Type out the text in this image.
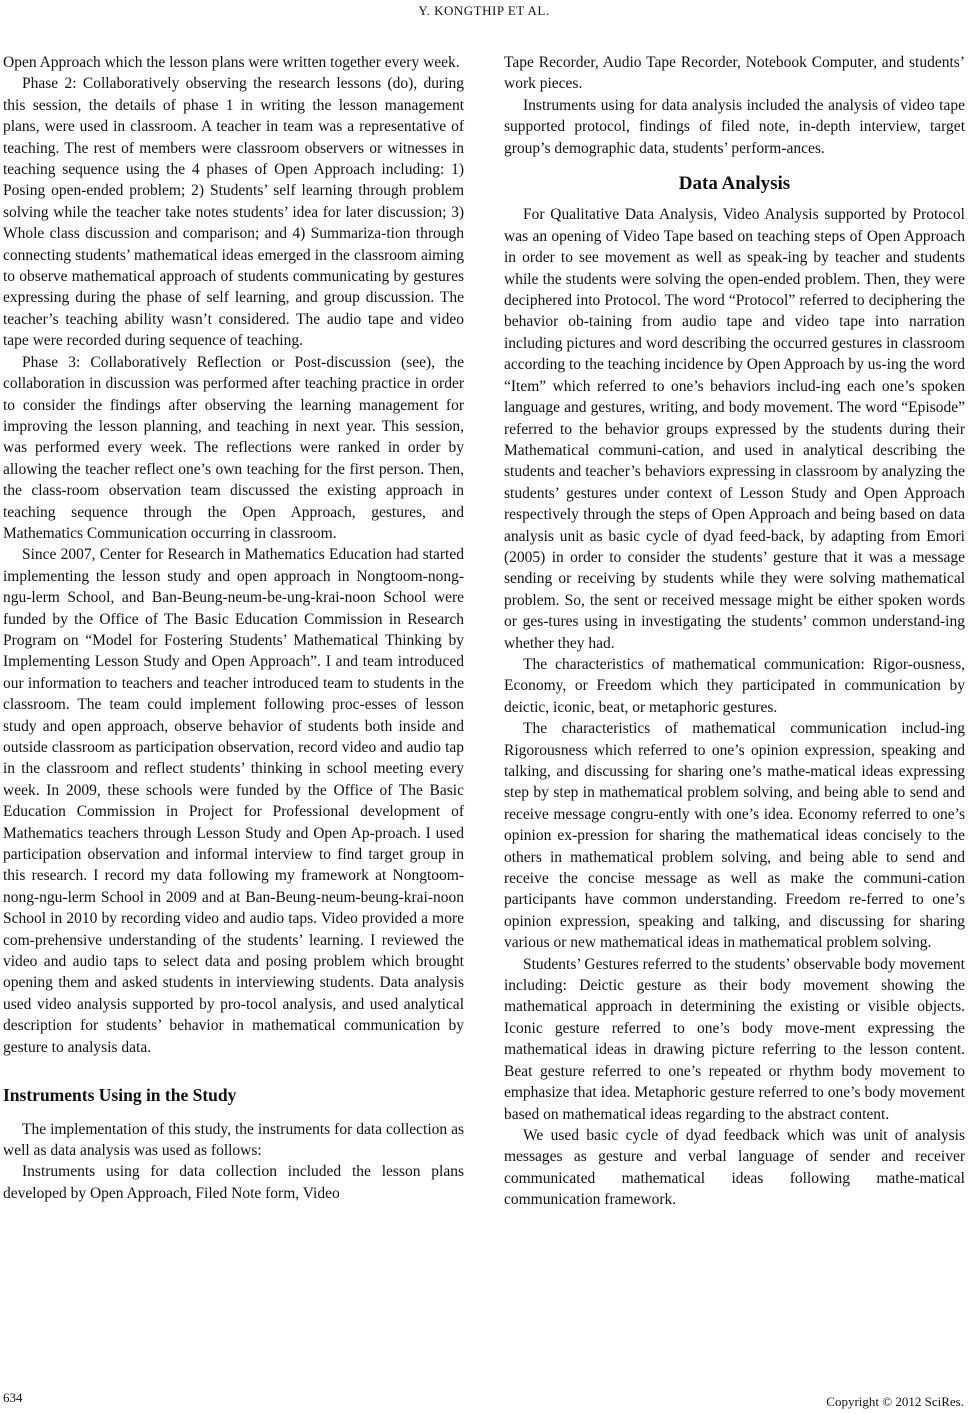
Y. KONGTHIP ET AL.

Open Approach which the lesson plans were written together every week.

Phase 2: Collaboratively observing the research lessons (do), during this session, the details of phase 1 in writing the lesson management plans, were used in classroom. A teacher in team was a representative of teaching. The rest of members were classroom observers or witnesses in teaching sequence using the 4 phases of Open Approach including: 1) Posing open-ended problem; 2) Students’ self learning through problem solving while the teacher take notes students’ idea for later discussion; 3) Whole class discussion and comparison; and 4) Summariza-tion through connecting students’ mathematical ideas emerged in the classroom aiming to observe mathematical approach of students communicating by gestures expressing during the phase of self learning, and group discussion. The teacher’s teaching ability wasn’t considered. The audio tape and video tape were recorded during sequence of teaching.

Phase 3: Collaboratively Reflection or Post-discussion (see), the collaboration in discussion was performed after teaching practice in order to consider the findings after observing the learning management for improving the lesson planning, and teaching in next year. This session, was performed every week. The reflections were ranked in order by allowing the teacher reflect one’s own teaching for the first person. Then, the class-room observation team discussed the existing approach in teaching sequence through the Open Approach, gestures, and Mathematics Communication occurring in classroom.

Since 2007, Center for Research in Mathematics Education had started implementing the lesson study and open approach in Nongtoom-nong-ngu-lerm School, and Ban-Beung-neum-be-ung-krai-noon School were funded by the Office of The Basic Education Commission in Research Program on “Model for Fostering Students’ Mathematical Thinking by Implementing Lesson Study and Open Approach”. I and team introduced our information to teachers and teacher introduced team to students in the classroom. The team could implement following proc-esses of lesson study and open approach, observe behavior of students both inside and outside classroom as participation observation, record video and audio tap in the classroom and reflect students’ thinking in school meeting every week. In 2009, these schools were funded by the Office of The Basic Education Commission in Project for Professional development of Mathematics teachers through Lesson Study and Open Ap-proach. I used participation observation and informal interview to find target group in this research. I record my data following my framework at Nongtoom-nong-ngu-lerm School in 2009 and at Ban-Beung-neum-beung-krai-noon School in 2010 by recording video and audio taps. Video provided a more com-prehensive understanding of the students’ learning. I reviewed the video and audio taps to select data and posing problem which brought opening them and asked students in interviewing students. Data analysis used video analysis supported by pro-tocol analysis, and used analytical description for students’ behavior in mathematical communication by gesture to analysis data.

Instruments Using in the Study

The implementation of this study, the instruments for data collection as well as data analysis was used as follows:

Instruments using for data collection included the lesson plans developed by Open Approach, Filed Note form, Video

Tape Recorder, Audio Tape Recorder, Notebook Computer, and students’ work pieces.

Instruments using for data analysis included the analysis of video tape supported protocol, findings of filed note, in-depth interview, target group’s demographic data, students’ perform-ances.

Data Analysis

For Qualitative Data Analysis, Video Analysis supported by Protocol was an opening of Video Tape based on teaching steps of Open Approach in order to see movement as well as speak-ing by teacher and students while the students were solving the open-ended problem. Then, they were deciphered into Protocol. The word “Protocol” referred to deciphering the behavior ob-taining from audio tape and video tape into narration including pictures and word describing the occurred gestures in classroom according to the teaching incidence by Open Approach by us-ing the word “Item” which referred to one’s behaviors includ-ing each one’s spoken language and gestures, writing, and body movement. The word “Episode” referred to the behavior groups expressed by the students during their Mathematical communi-cation, and used in analytical describing the students and teacher’s behaviors expressing in classroom by analyzing the students’ gestures under context of Lesson Study and Open Approach respectively through the steps of Open Approach and being based on data analysis unit as basic cycle of dyad feed-back, by adapting from Emori (2005) in order to consider the students’ gesture that it was a message sending or receiving by students while they were solving mathematical problem. So, the sent or received message might be either spoken words or ges-tures using in investigating the students’ common understand-ing whether they had.

The characteristics of mathematical communication: Rigor-ousness, Economy, or Freedom which they participated in communication by deictic, iconic, beat, or metaphoric gestures.

The characteristics of mathematical communication includ-ing Rigorousness which referred to one’s opinion expression, speaking and talking, and discussing for sharing one’s mathe-matical ideas expressing step by step in mathematical problem solving, and being able to send and receive message congru-ently with one’s idea. Economy referred to one’s opinion ex-pression for sharing the mathematical ideas concisely to the others in mathematical problem solving, and being able to send and receive the concise message as well as make the communi-cation participants have common understanding. Freedom re-ferred to one’s opinion expression, speaking and talking, and discussing for sharing various or new mathematical ideas in mathematical problem solving.

Students’ Gestures referred to the students’ observable body movement including: Deictic gesture as their body movement showing the mathematical approach in determining the existing or visible objects. Iconic gesture referred to one’s body move-ment expressing the mathematical ideas in drawing picture referring to the lesson content. Beat gesture referred to one’s repeated or rhythm body movement to emphasize that idea. Metaphoric gesture referred to one’s body movement based on mathematical ideas regarding to the abstract content.

We used basic cycle of dyad feedback which was unit of analysis messages as gesture and verbal language of sender and receiver communicated mathematical ideas following mathe-matical communication framework.

634	Copyright © 2012 SciRes.
